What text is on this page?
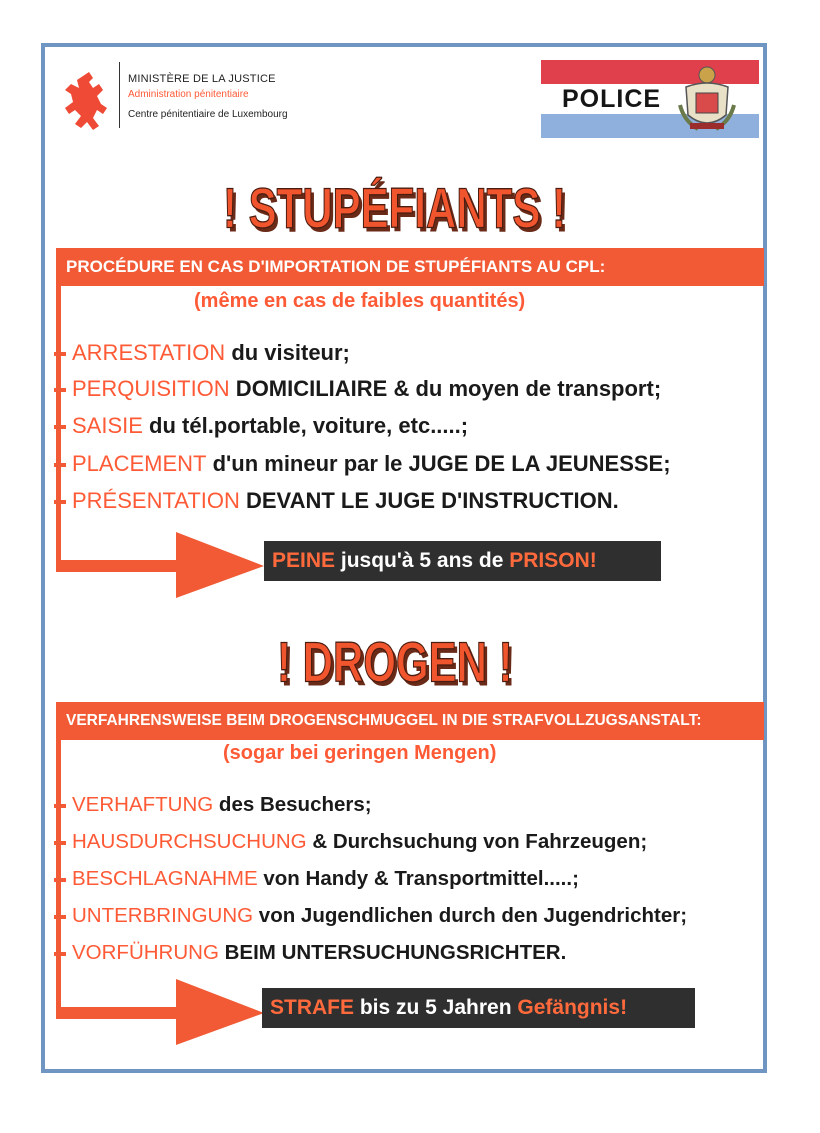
MINISTÈRE DE LA JUSTICE
Administration pénitentiaire
Centre pénitentiaire de Luxembourg
POLICE
! STUPÉFIANTS !
PROCÉDURE EN CAS D'IMPORTATION DE STUPÉFIANTS AU CPL:
(même en cas de faibles quantités)
ARRESTATION du visiteur;
PERQUISITION DOMICILIAIRE & du moyen de transport;
SAISIE du tél.portable, voiture, etc.....;
PLACEMENT d'un mineur par le JUGE DE LA JEUNESSE;
PRÉSENTATION DEVANT LE JUGE D'INSTRUCTION.
PEINE jusqu'à 5 ans de PRISON!
! DROGEN !
VERFAHRENSWEISE BEIM DROGENSCHMUGGEL IN DIE STRAFVOLLZUGSANSTALT:
(sogar bei geringen Mengen)
VERHAFTUNG des Besuchers;
HAUSDURCHSUCHUNG & Durchsuchung von Fahrzeugen;
BESCHLAGNAHME von Handy & Transportmittel.....;
UNTERBRINGUNG von Jugendlichen durch den Jugendrichter;
VORFÜHRUNG BEIM UNTERSUCHUNGSRICHTER.
STRAFE bis zu 5 Jahren Gefängnis!
